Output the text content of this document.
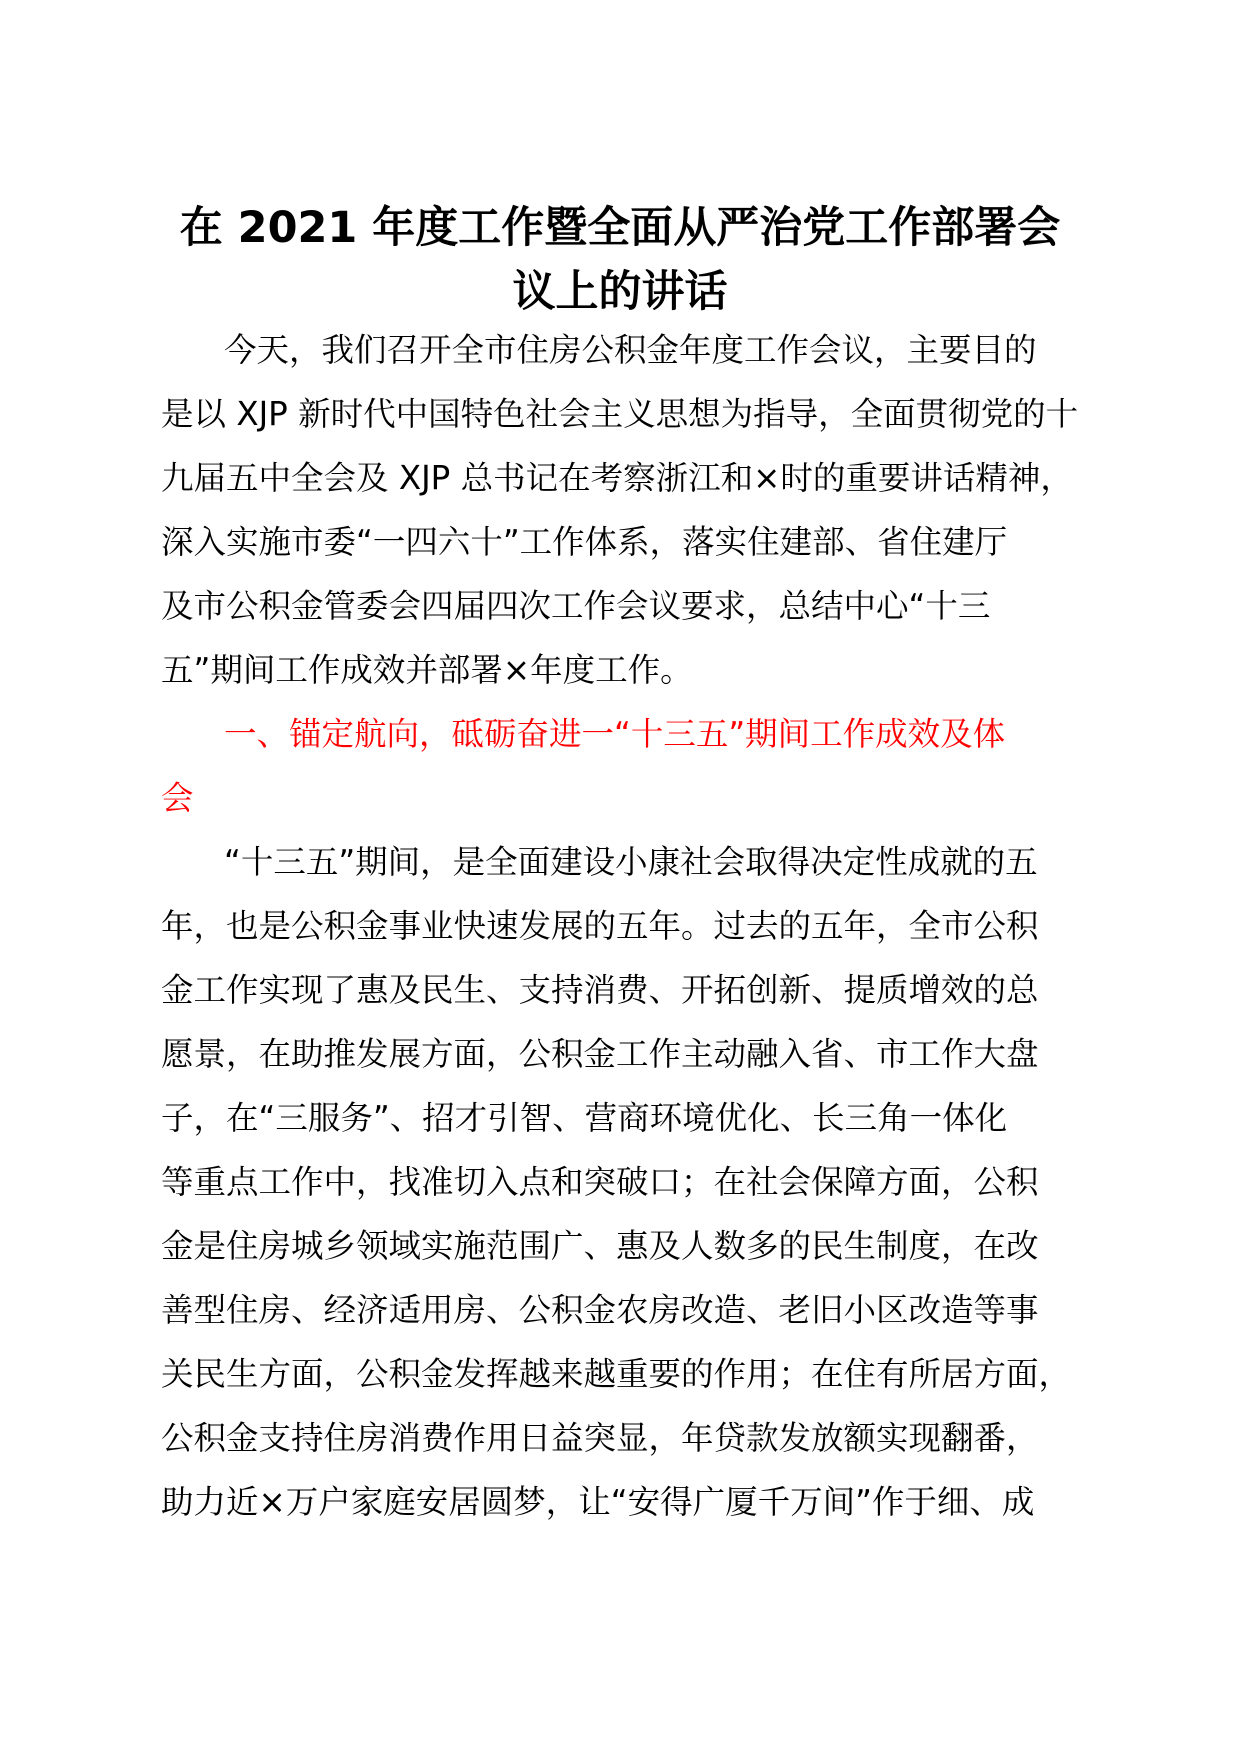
在 2021 年度工作暨全面从严治党工作部署会
议上的讲话

今天，我们召开全市住房公积金年度工作会议，主要目的

是以 XJP 新时代中国特色社会主义思想为指导，全面贯彻党的十

九届五中全会及 XJP 总书记在考察浙江和×时的重要讲话精神，

深入实施市委“一四六十”工作体系，落实住建部、省住建厅

及市公积金管委会四届四次工作会议要求，总结中心“十三

五”期间工作成效并部署×年度工作。

一、锚定航向，砥砺奋进一“十三五”期间工作成效及体

会

“十三五”期间，是全面建设小康社会取得决定性成就的五

年，也是公积金事业快速发展的五年。过去的五年，全市公积

金工作实现了惠及民生、支持消费、开拓创新、提质增效的总

愿景，在助推发展方面，公积金工作主动融入省、市工作大盘

子，在“三服务”、招才引智、营商环境优化、长三角一体化

等重点工作中，找准切入点和突破口；在社会保障方面，公积

金是住房城乡领域实施范围广、惠及人数多的民生制度，在改

善型住房、经济适用房、公积金农房改造、老旧小区改造等事

关民生方面，公积金发挥越来越重要的作用；在住有所居方面，

公积金支持住房消费作用日益突显，年贷款发放额实现翻番，

助力近×万户家庭安居圆梦，让“安得广厦千万间”作于细、成
